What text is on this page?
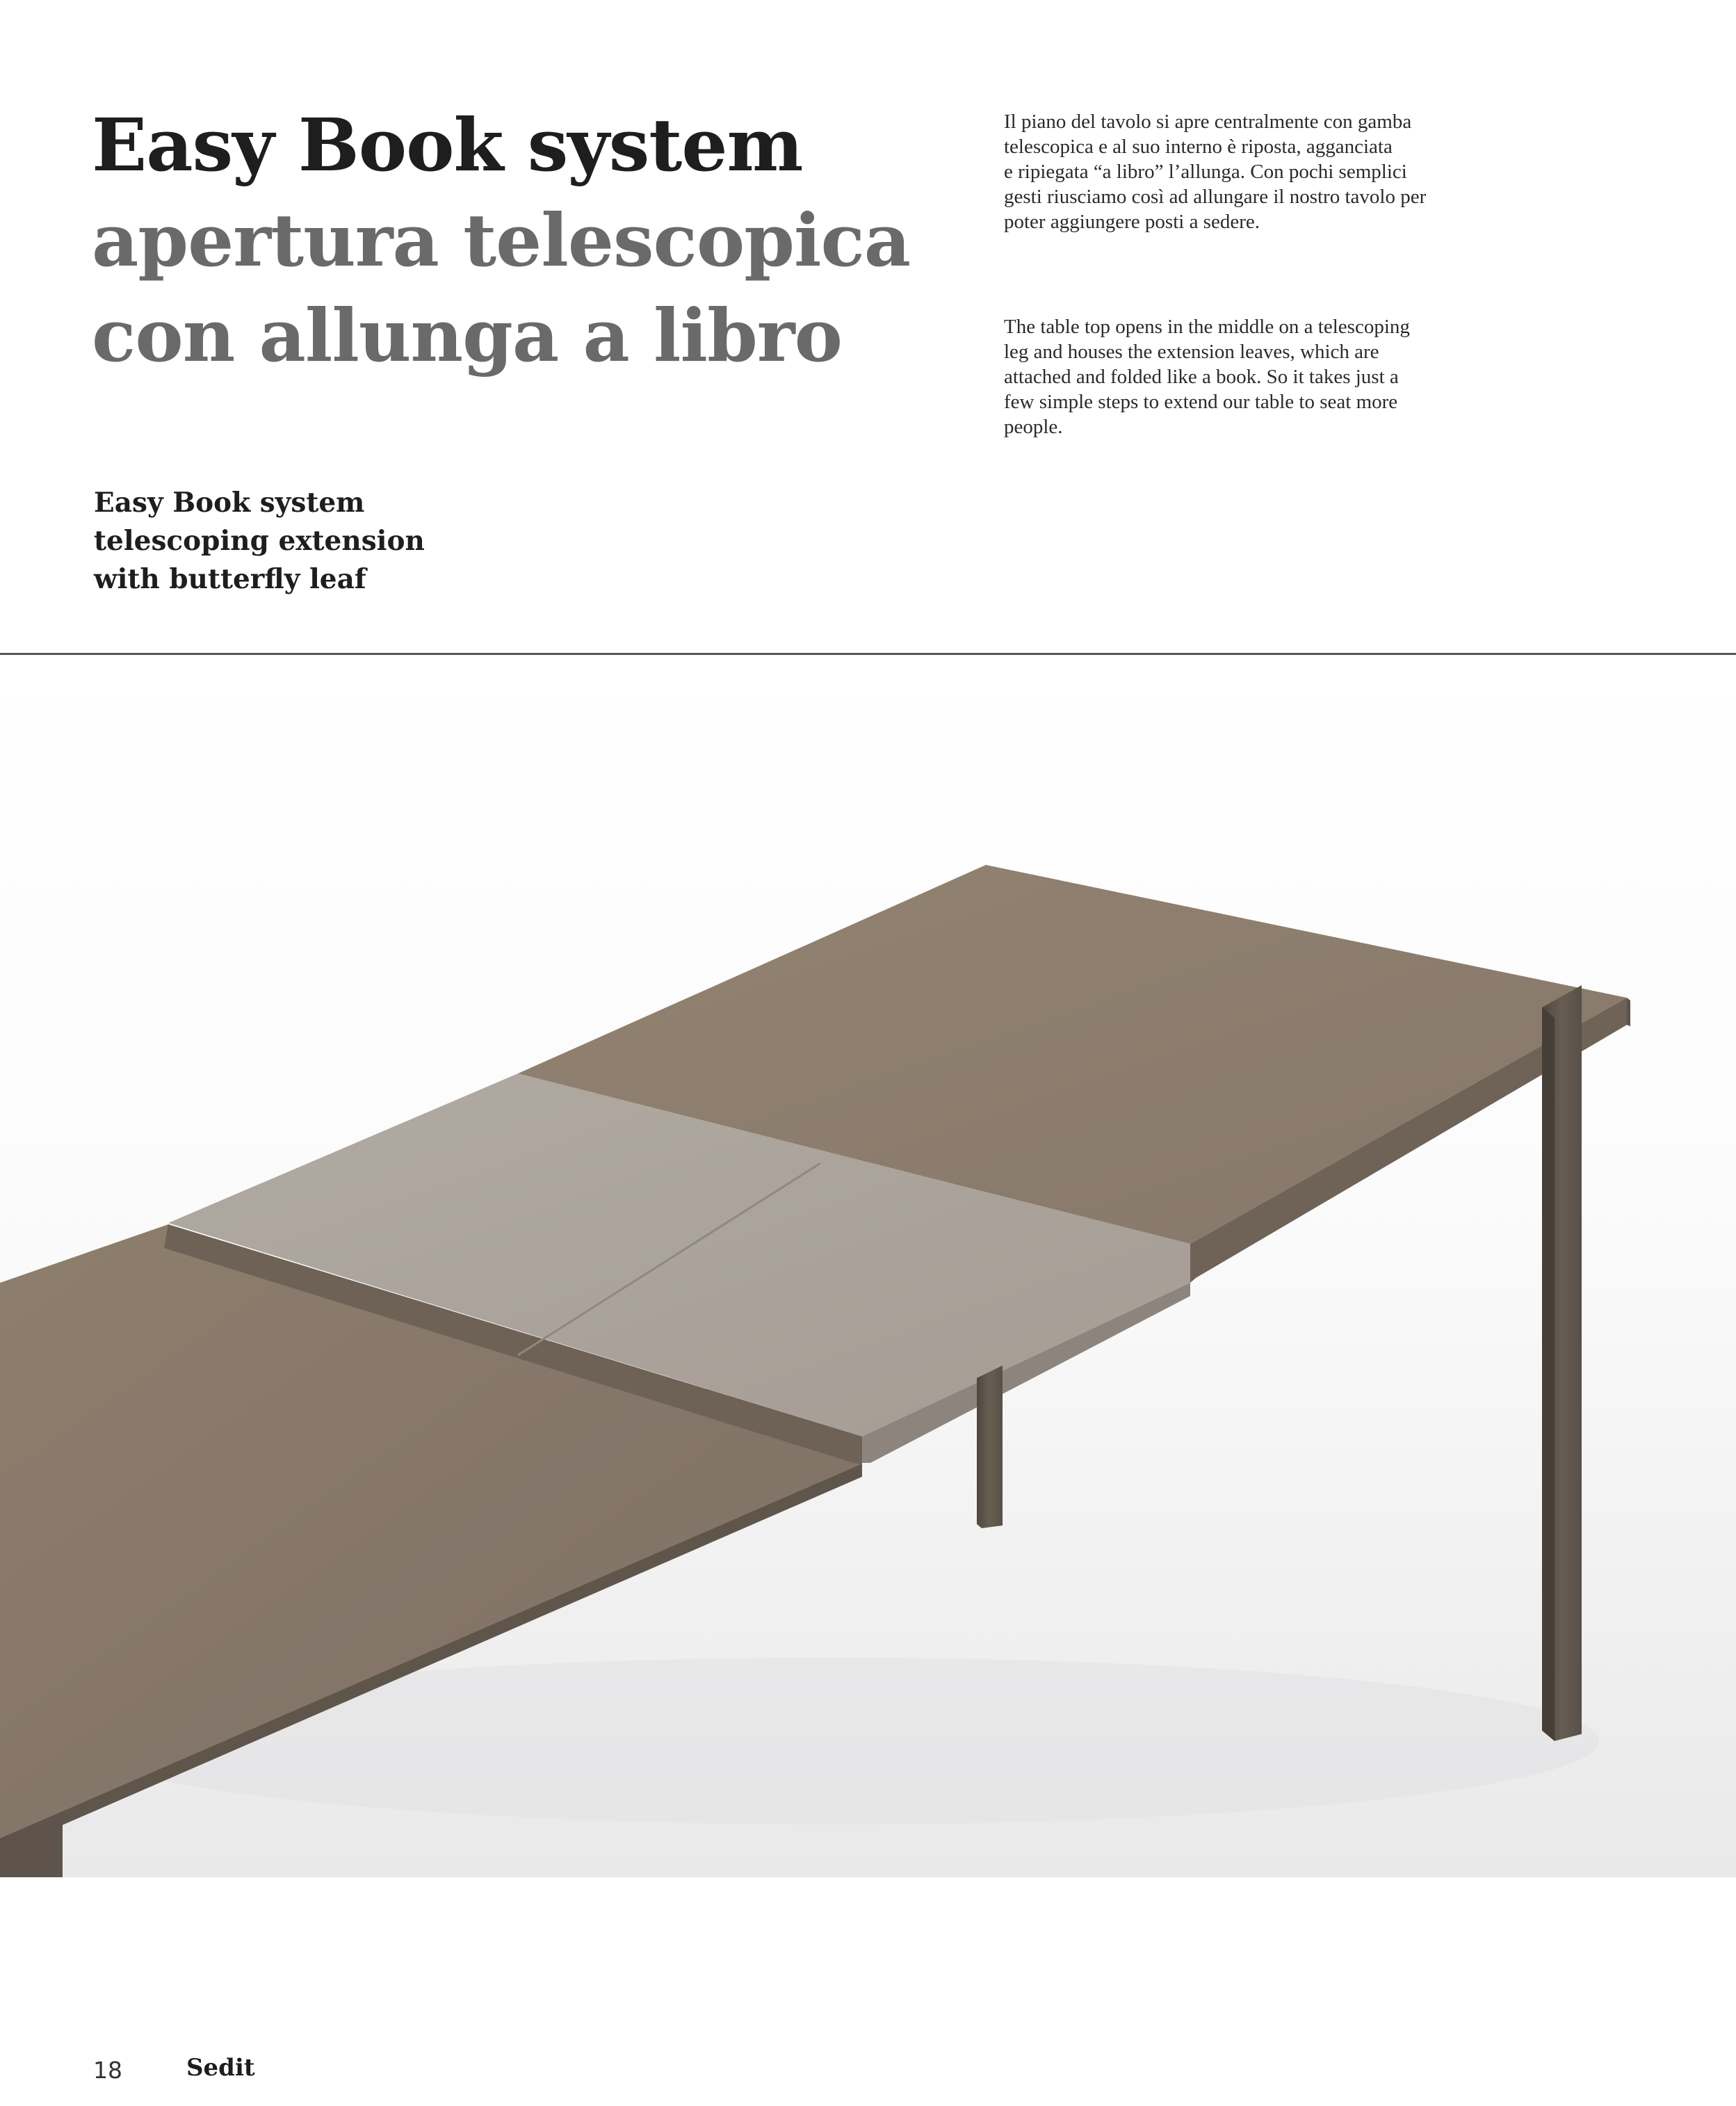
Easy Book system
apertura telescopica
con allunga a libro
Easy Book system
telescoping extension
with butterfly leaf
Il piano del tavolo si apre centralmente con gamba
telescopica e al suo interno è riposta, agganciata
e ripiegata “a libro” l’allunga. Con pochi semplici
gesti riusciamo così ad allungare il nostro tavolo per
poter aggiungere posti a sedere.
The table top opens in the middle on a telescoping
leg and houses the extension leaves, which are
attached and folded like a book. So it takes just a
few simple steps to extend our table to seat more
people.
18	Sedit
